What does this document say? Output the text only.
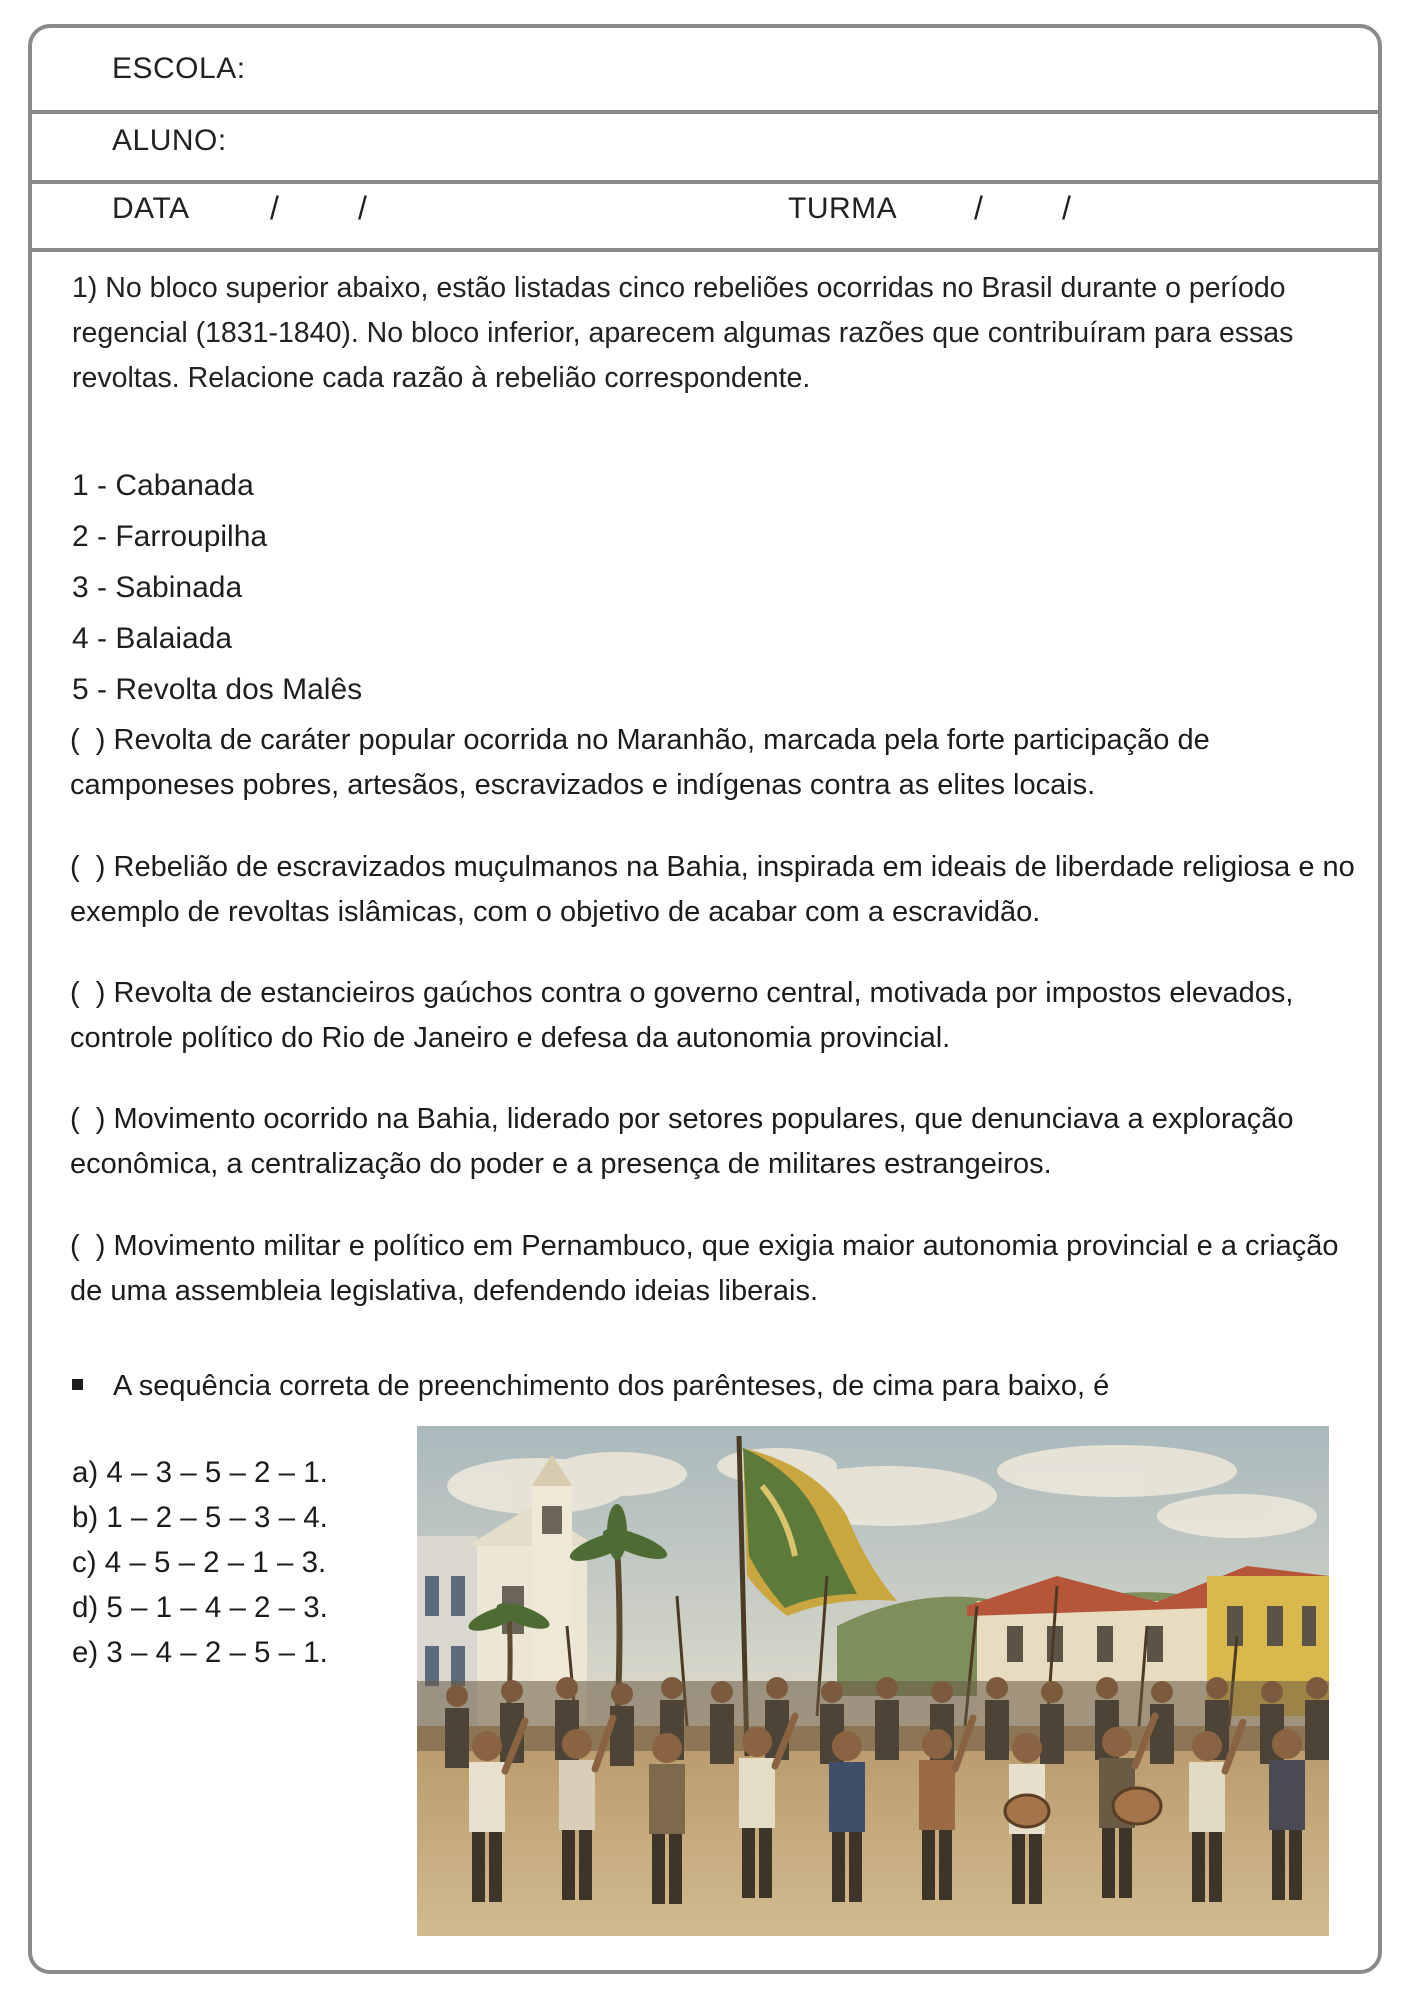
ESCOLA:
ALUNO:
DATA	/ /	TURMA / /
1) No bloco superior abaixo, estão listadas cinco rebeliões ocorridas no Brasil durante o período regencial (1831-1840). No bloco inferior, aparecem algumas razões que contribuíram para essas revoltas. Relacione cada razão à rebelião correspondente.
1 - Cabanada
2 - Farroupilha
3 - Sabinada
4 - Balaiada
5 - Revolta dos Malês
(  ) Revolta de caráter popular ocorrida no Maranhão, marcada pela forte participação de camponeses pobres, artesãos, escravizados e indígenas contra as elites locais.
(  ) Rebelião de escravizados muçulmanos na Bahia, inspirada em ideais de liberdade religiosa e no exemplo de revoltas islâmicas, com o objetivo de acabar com a escravidão.
(  ) Revolta de estancieiros gaúchos contra o governo central, motivada por impostos elevados, controle político do Rio de Janeiro e defesa da autonomia provincial.
(  ) Movimento ocorrido na Bahia, liderado por setores populares, que denunciava a exploração econômica, a centralização do poder e a presença de militares estrangeiros.
(  ) Movimento militar e político em Pernambuco, que exigia maior autonomia provincial e a criação de uma assembleia legislativa, defendendo ideias liberais.
A sequência correta de preenchimento dos parênteses, de cima para baixo, é
a) 4 – 3 – 5 – 2 – 1.
b) 1 – 2 – 5 – 3 – 4.
c) 4 – 5 – 2 – 1 – 3.
d) 5 – 1 – 4 – 2 – 3.
e) 3 – 4 – 2 – 5 – 1.
